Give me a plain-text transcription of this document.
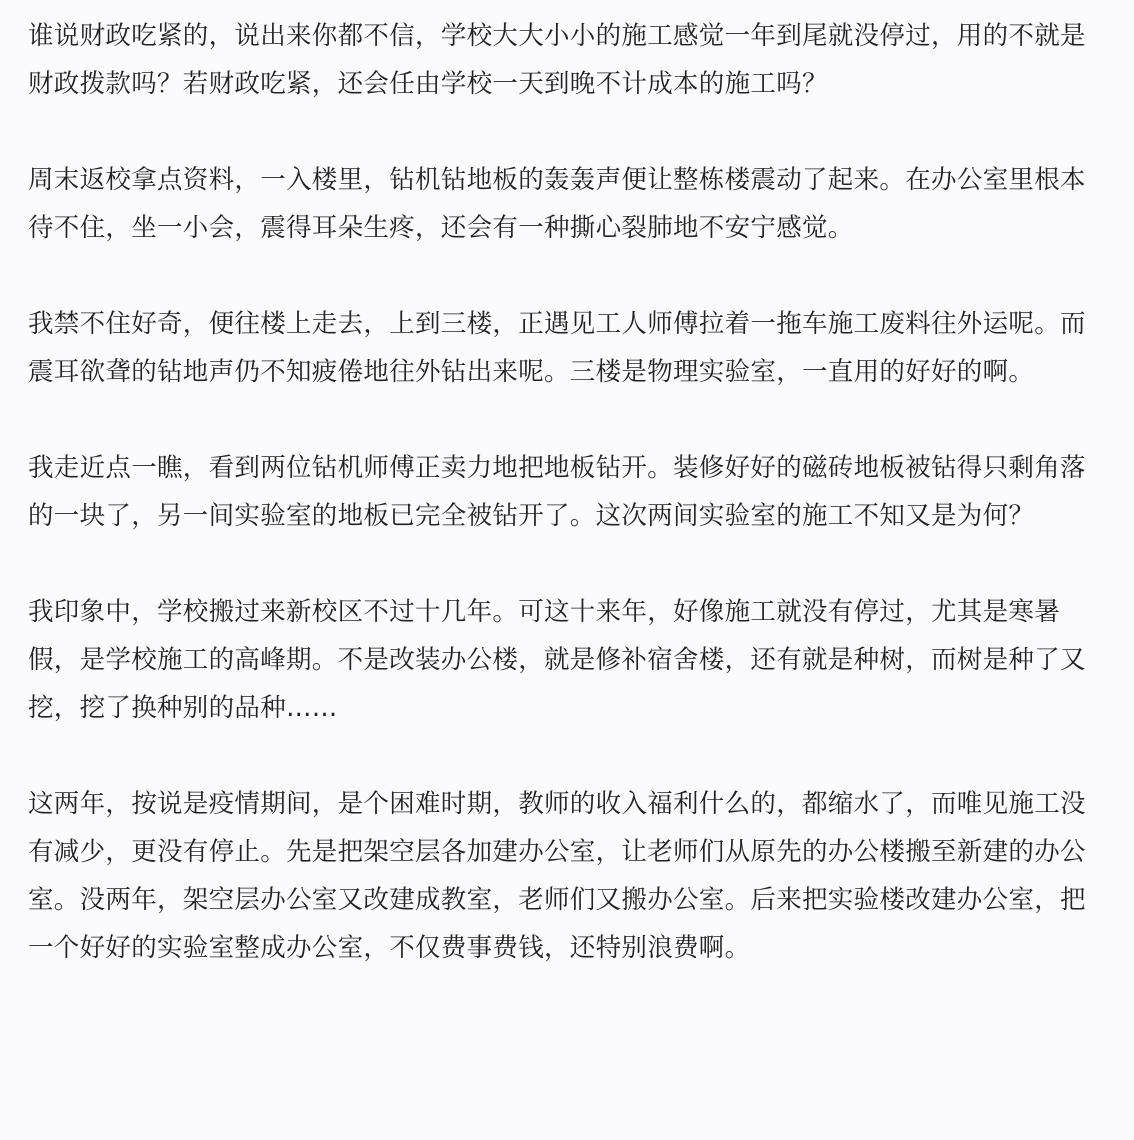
谁说财政吃紧的，说出来你都不信，学校大大小小的施工感觉一年到尾就没停过，用的不就是财政拨款吗？若财政吃紧，还会任由学校一天到晚不计成本的施工吗？

周末返校拿点资料，一入楼里，钻机钻地板的轰轰声便让整栋楼震动了起来。在办公室里根本待不住，坐一小会，震得耳朵生疼，还会有一种撕心裂肺地不安宁感觉。

我禁不住好奇，便往楼上走去，上到三楼，正遇见工人师傅拉着一拖车施工废料往外运呢。而震耳欲聋的钻地声仍不知疲倦地往外钻出来呢。三楼是物理实验室，一直用的好好的啊。

我走近点一瞧，看到两位钻机师傅正卖力地把地板钻开。装修好好的磁砖地板被钻得只剩角落的一块了，另一间实验室的地板已完全被钻开了。这次两间实验室的施工不知又是为何？

我印象中，学校搬过来新校区不过十几年。可这十来年，好像施工就没有停过，尤其是寒暑假，是学校施工的高峰期。不是改装办公楼，就是修补宿舍楼，还有就是种树，而树是种了又挖，挖了换种别的品种……

这两年，按说是疫情期间，是个困难时期，教师的收入福利什么的，都缩水了，而唯见施工没有减少，更没有停止。先是把架空层各加建办公室，让老师们从原先的办公楼搬至新建的办公室。没两年，架空层办公室又改建成教室，老师们又搬办公室。后来把实验楼改建办公室，把一个好好的实验室整成办公室，不仅费事费钱，还特别浪费啊。
